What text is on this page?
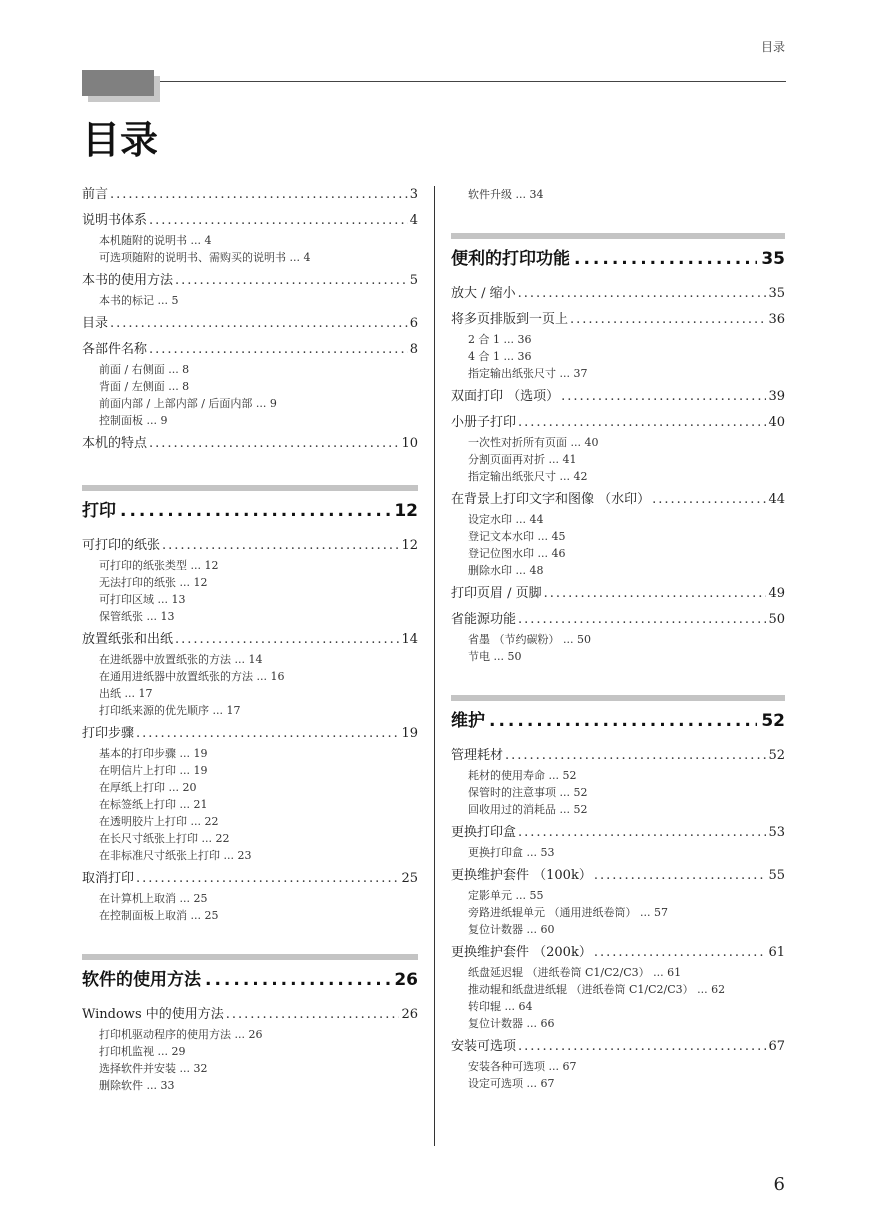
目录
目录
前言 .....	3
说明书体系 .....	4
本机随附的说明书 ... 4
可选项随附的说明书、需购买的说明书 ... 4
本书的使用方法 .....	5
本书的标记 ... 5
目录 .....	6
各部件名称 .....	8
前面 / 右侧面 ... 8
背面 / 左侧面 ... 8
前面内部 / 上部内部 / 后面内部 ... 9
控制面板 ... 9
本机的特点 .....	10
打印 .....	12
可打印的纸张 .....	12
可打印的纸张类型 ... 12
无法打印的纸张 ... 12
可打印区域 ... 13
保管纸张 ... 13
放置纸张和出纸 .....	14
在进纸器中放置纸张的方法 ... 14
在通用进纸器中放置纸张的方法 ... 16
出纸 ... 17
打印纸来源的优先顺序 ... 17
打印步骤 .....	19
基本的打印步骤 ... 19
在明信片上打印 ... 19
在厚纸上打印 ... 20
在标签纸上打印 ... 21
在透明胶片上打印 ... 22
在长尺寸纸张上打印 ... 22
在非标准尺寸纸张上打印 ... 23
取消打印 .....	25
在计算机上取消 ... 25
在控制面板上取消 ... 25
软件的使用方法 .....	26
Windows 中的使用方法 .....	26
打印机驱动程序的使用方法 ... 26
打印机监视 ... 29
选择软件并安装 ... 32
删除软件 ... 33
软件升级 ... 34
便利的打印功能 .....	35
放大 / 缩小 .....	35
将多页排版到一页上 .....	36
2 合 1 ... 36
4 合 1 ... 36
指定输出纸张尺寸 ... 37
双面打印 （选项） .....	39
小册子打印 .....	40
一次性对折所有页面 ... 40
分割页面再对折 ... 41
指定输出纸张尺寸 ... 42
在背景上打印文字和图像 （水印） .....	44
设定水印 ... 44
登记文本水印 ... 45
登记位图水印 ... 46
删除水印 ... 48
打印页眉 / 页脚 .....	49
省能源功能 .....	50
省墨 （节约碳粉） ... 50
节电 ... 50
维护 .....	52
管理耗材 .....	52
耗材的使用寿命 ... 52
保管时的注意事项 ... 52
回收用过的消耗品 ... 52
更换打印盒 .....	53
更换打印盒 ... 53
更换维护套件 （100k） .....	55
定影单元 ... 55
旁路进纸辊单元 （通用进纸卷筒） ... 57
复位计数器 ... 60
更换维护套件 （200k） .....	61
纸盘延迟辊 （进纸卷筒 C1/C2/C3） ... 61
推动辊和纸盘进纸辊 （进纸卷筒 C1/C2/C3） ... 62
转印辊 ... 64
复位计数器 ... 66
安装可选项 .....	67
安装各种可选项 ... 67
设定可选项 ... 67
6
